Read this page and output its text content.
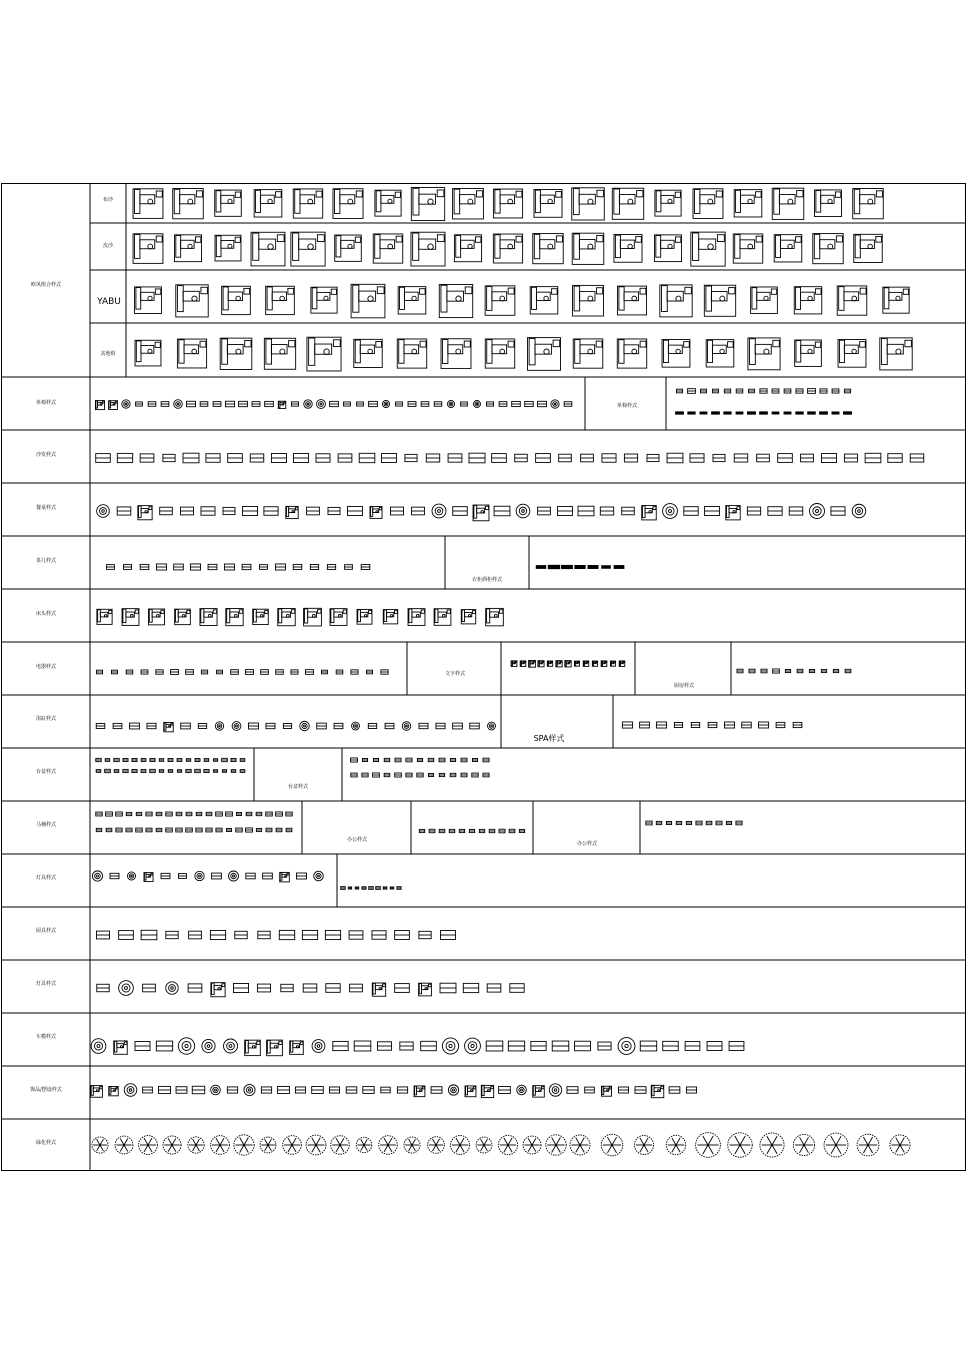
欧风组合样式
布沙
皮沙
YABU
其他组
单椅样式	单椅样式
沙发样式
餐桌样式
茶几样式
衣柜酒柜样式
床头样式
电器样式
文字样式
厨房样式
浴缸样式
SPA样式
台盆样式
台盆样式
马桶样式
办公样式
办公样式
灯具样式
厨具样式
灯具样式
车模样式
饰品/摆设样式
绿化样式
